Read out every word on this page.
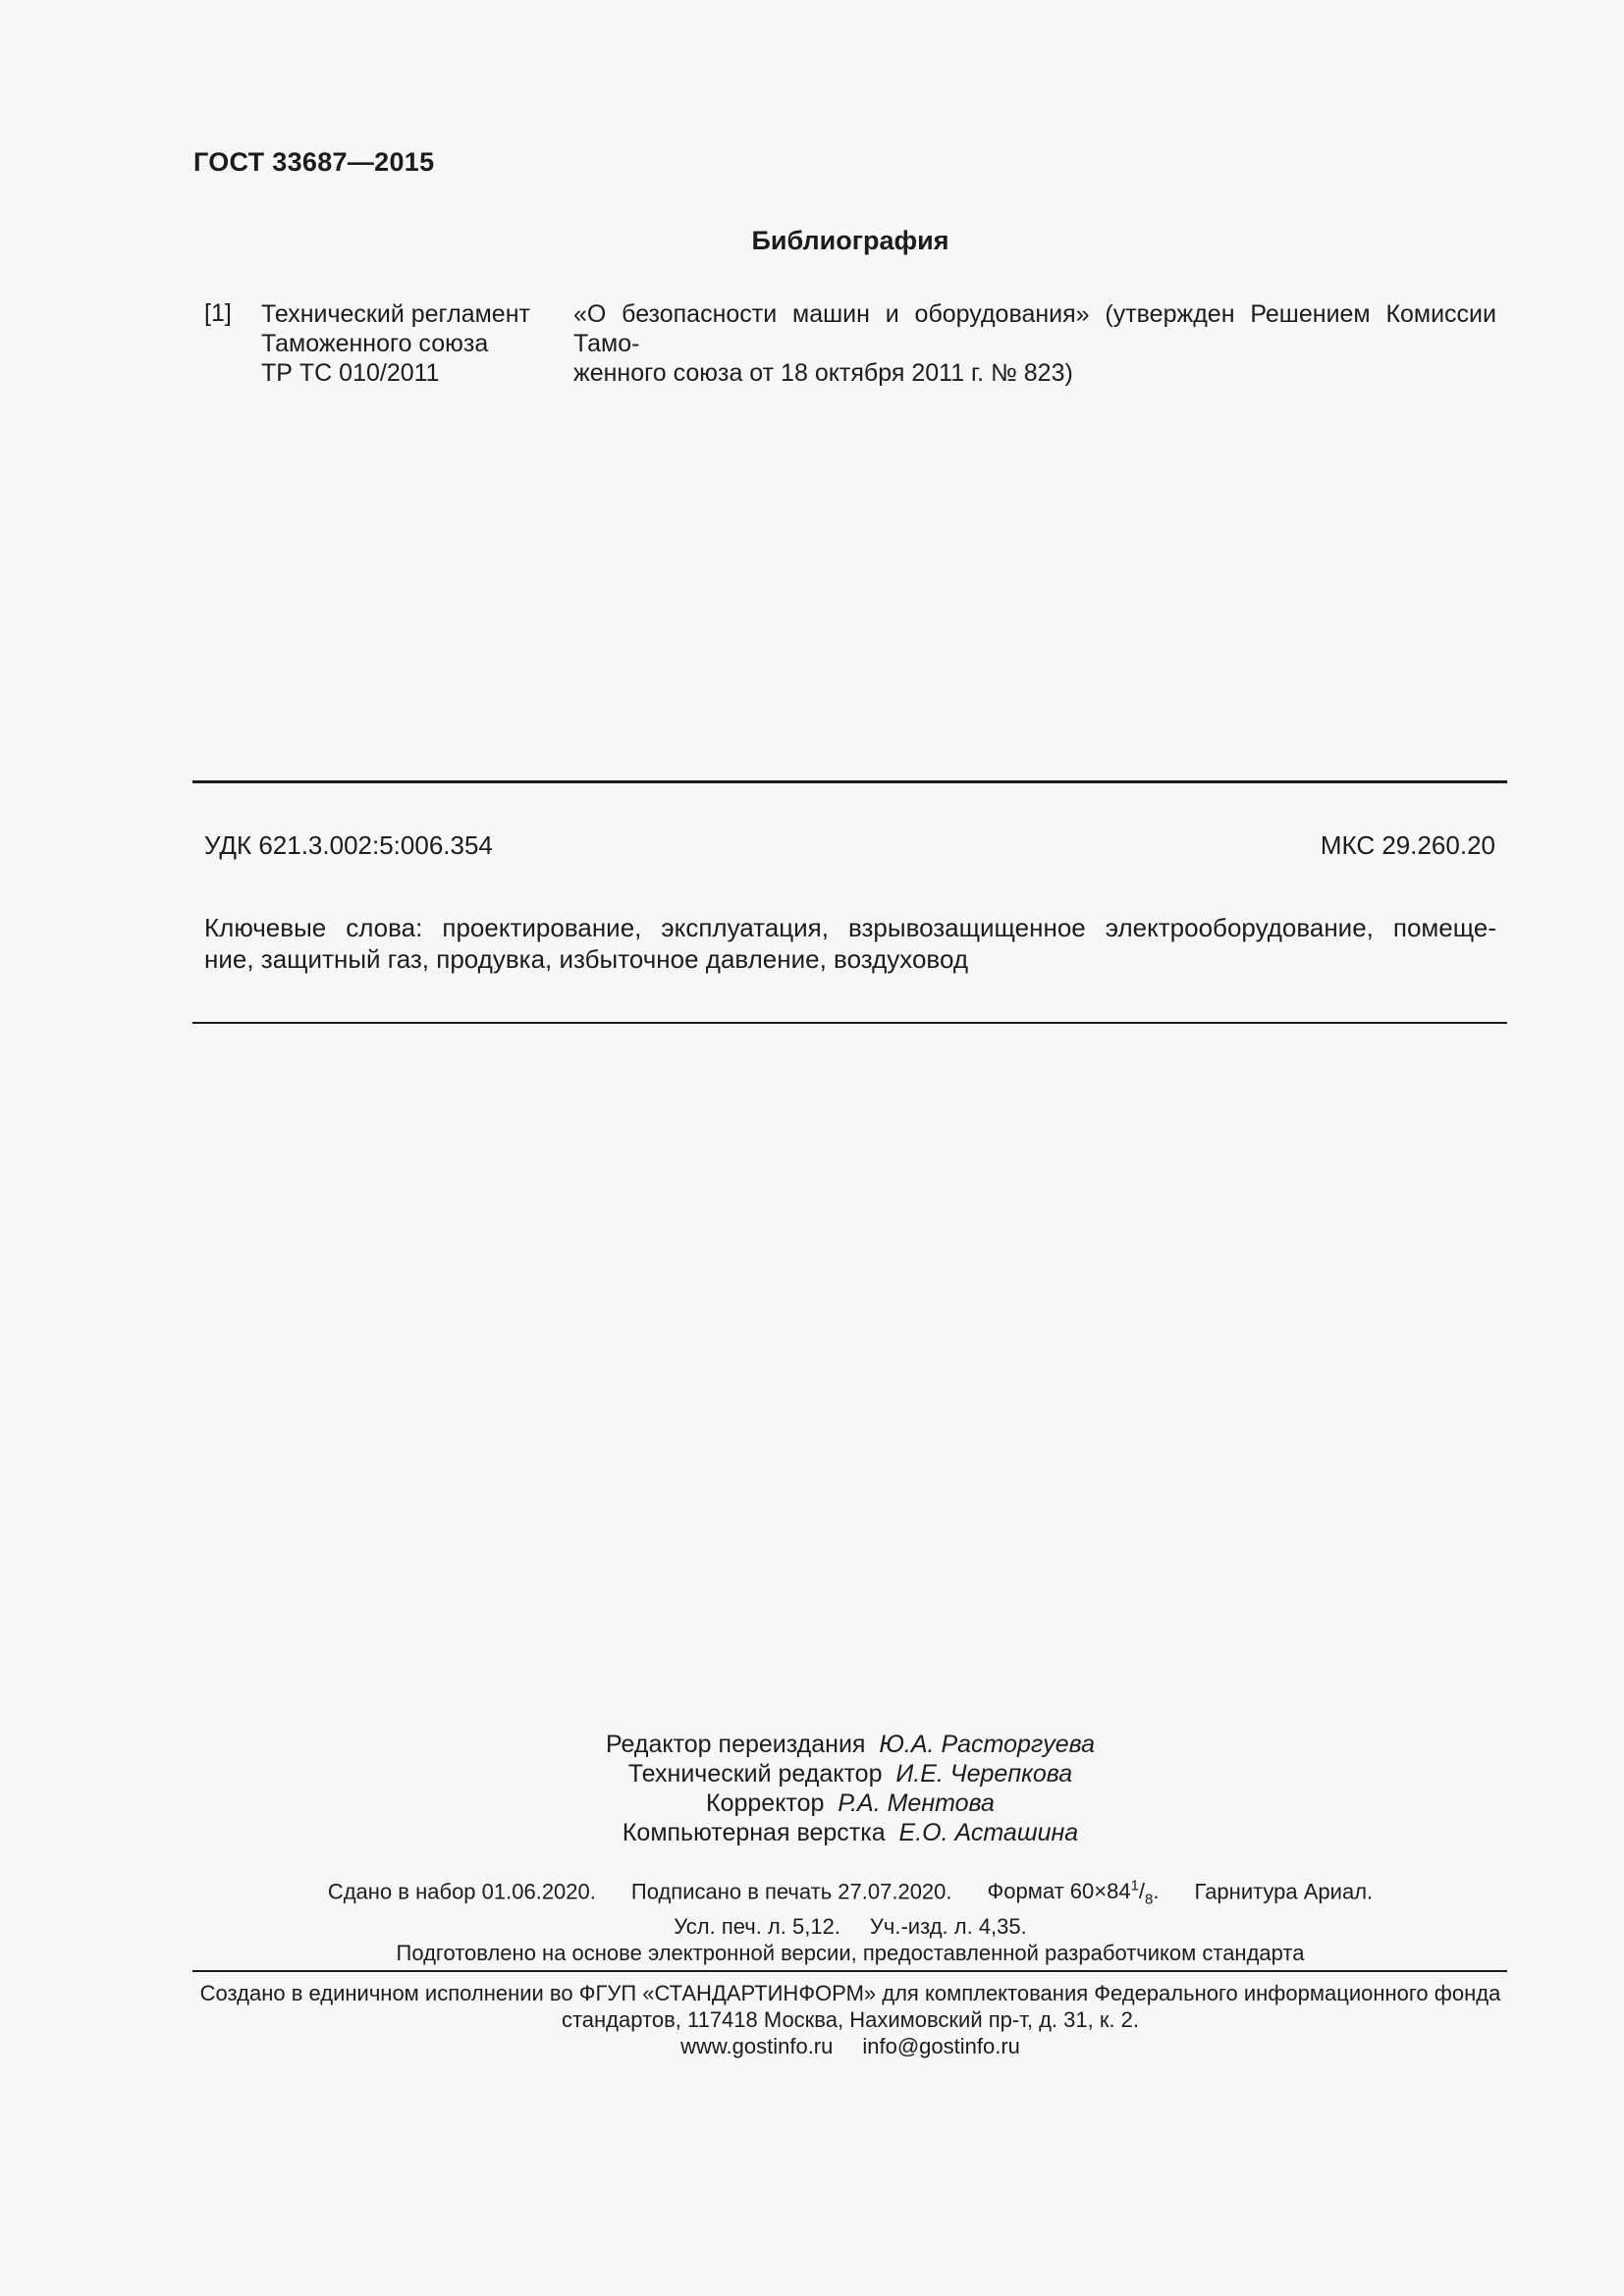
ГОСТ 33687—2015
Библиография
[1] Технический регламент
Таможенного союза
ТР ТС 010/2011
«О безопасности машин и оборудования» (утвержден Решением Комиссии Тамо-
женного союза от 18 октября 2011 г. № 823)
УДК 621.3.002:5:006.354	МКС 29.260.20
Ключевые слова: проектирование, эксплуатация, взрывозащищенное электрооборудование, помеще-
ние, защитный газ, продувка, избыточное давление, воздуховод
Редактор переиздания Ю.А. Расторгуева
Технический редактор И.Е. Черепкова
Корректор Р.А. Ментова
Компьютерная верстка Е.О. Асташина
Сдано в набор 01.06.2020. Подписано в печать 27.07.2020. Формат $60\times 84^1/_8$. Гарнитура Ариал.
Усл. печ. л. 5,12. Уч.-изд. л. 4,35.
Подготовлено на основе электронной версии, предоставленной разработчиком стандарта
Создано в единичном исполнении во ФГУП «СТАНДАРТИНФОРМ» для комплектования Федерального информационного фонда
стандартов, 117418 Москва, Нахимовский пр-т, д. 31, к. 2.
www.gostinfo.ru info@gostinfo.ru
